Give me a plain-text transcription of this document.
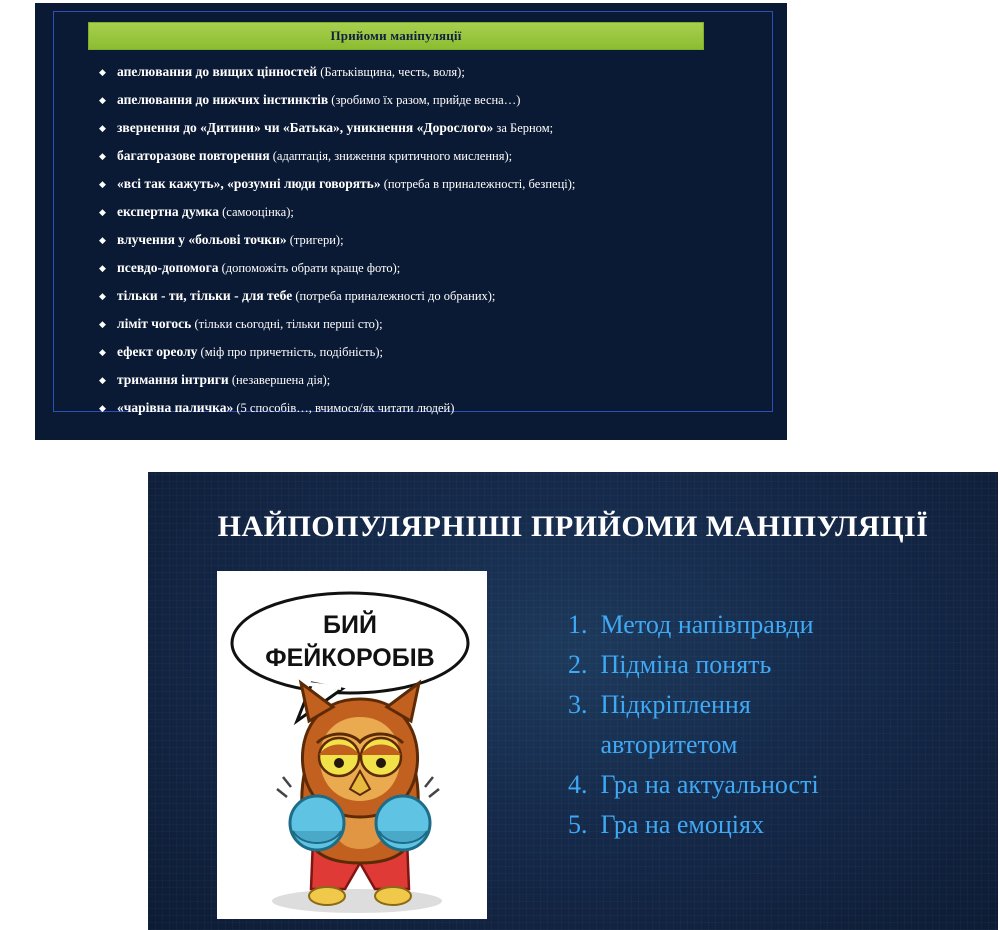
Прийоми маніпуляції
◆ апелювання до вищих цінностей (Батьківщина, честь, воля);
◆ апелювання до нижчих інстинктів (зробимо їх разом, прийде весна…)
◆ звернення до «Дитини» чи «Батька», уникнення «Дорослого» за Берном;
◆ багаторазове повторення (адаптація, зниження критичного мислення);
◆ «всі так кажуть», «розумні люди говорять» (потреба в приналежності, безпеці);
◆ експертна думка (самооцінка);
◆ влучення у «больові точки» (тригери);
◆ псевдо-допомога (допоможіть обрати краще фото);
◆ тільки - ти, тільки - для тебе (потреба приналежності до обраних);
◆ ліміт чогось (тільки сьогодні, тільки перші сто);
◆ ефект ореолу (міф про причетність, подібність);
◆ тримання інтриги (незавершена дія);
◆ «чарівна паличка» (5 способів…, вчимося/як читати людей)
НАЙПОПУЛЯРНІШІ ПРИЙОМИ МАНІПУЛЯЦІЇ
БИЙ
ФЕЙКОРОБІВ
1. Метод напівправди
2. Підміна понять
3. Підкріплення
авторитетом
4. Гра на актуальності
5. Гра на емоціях
